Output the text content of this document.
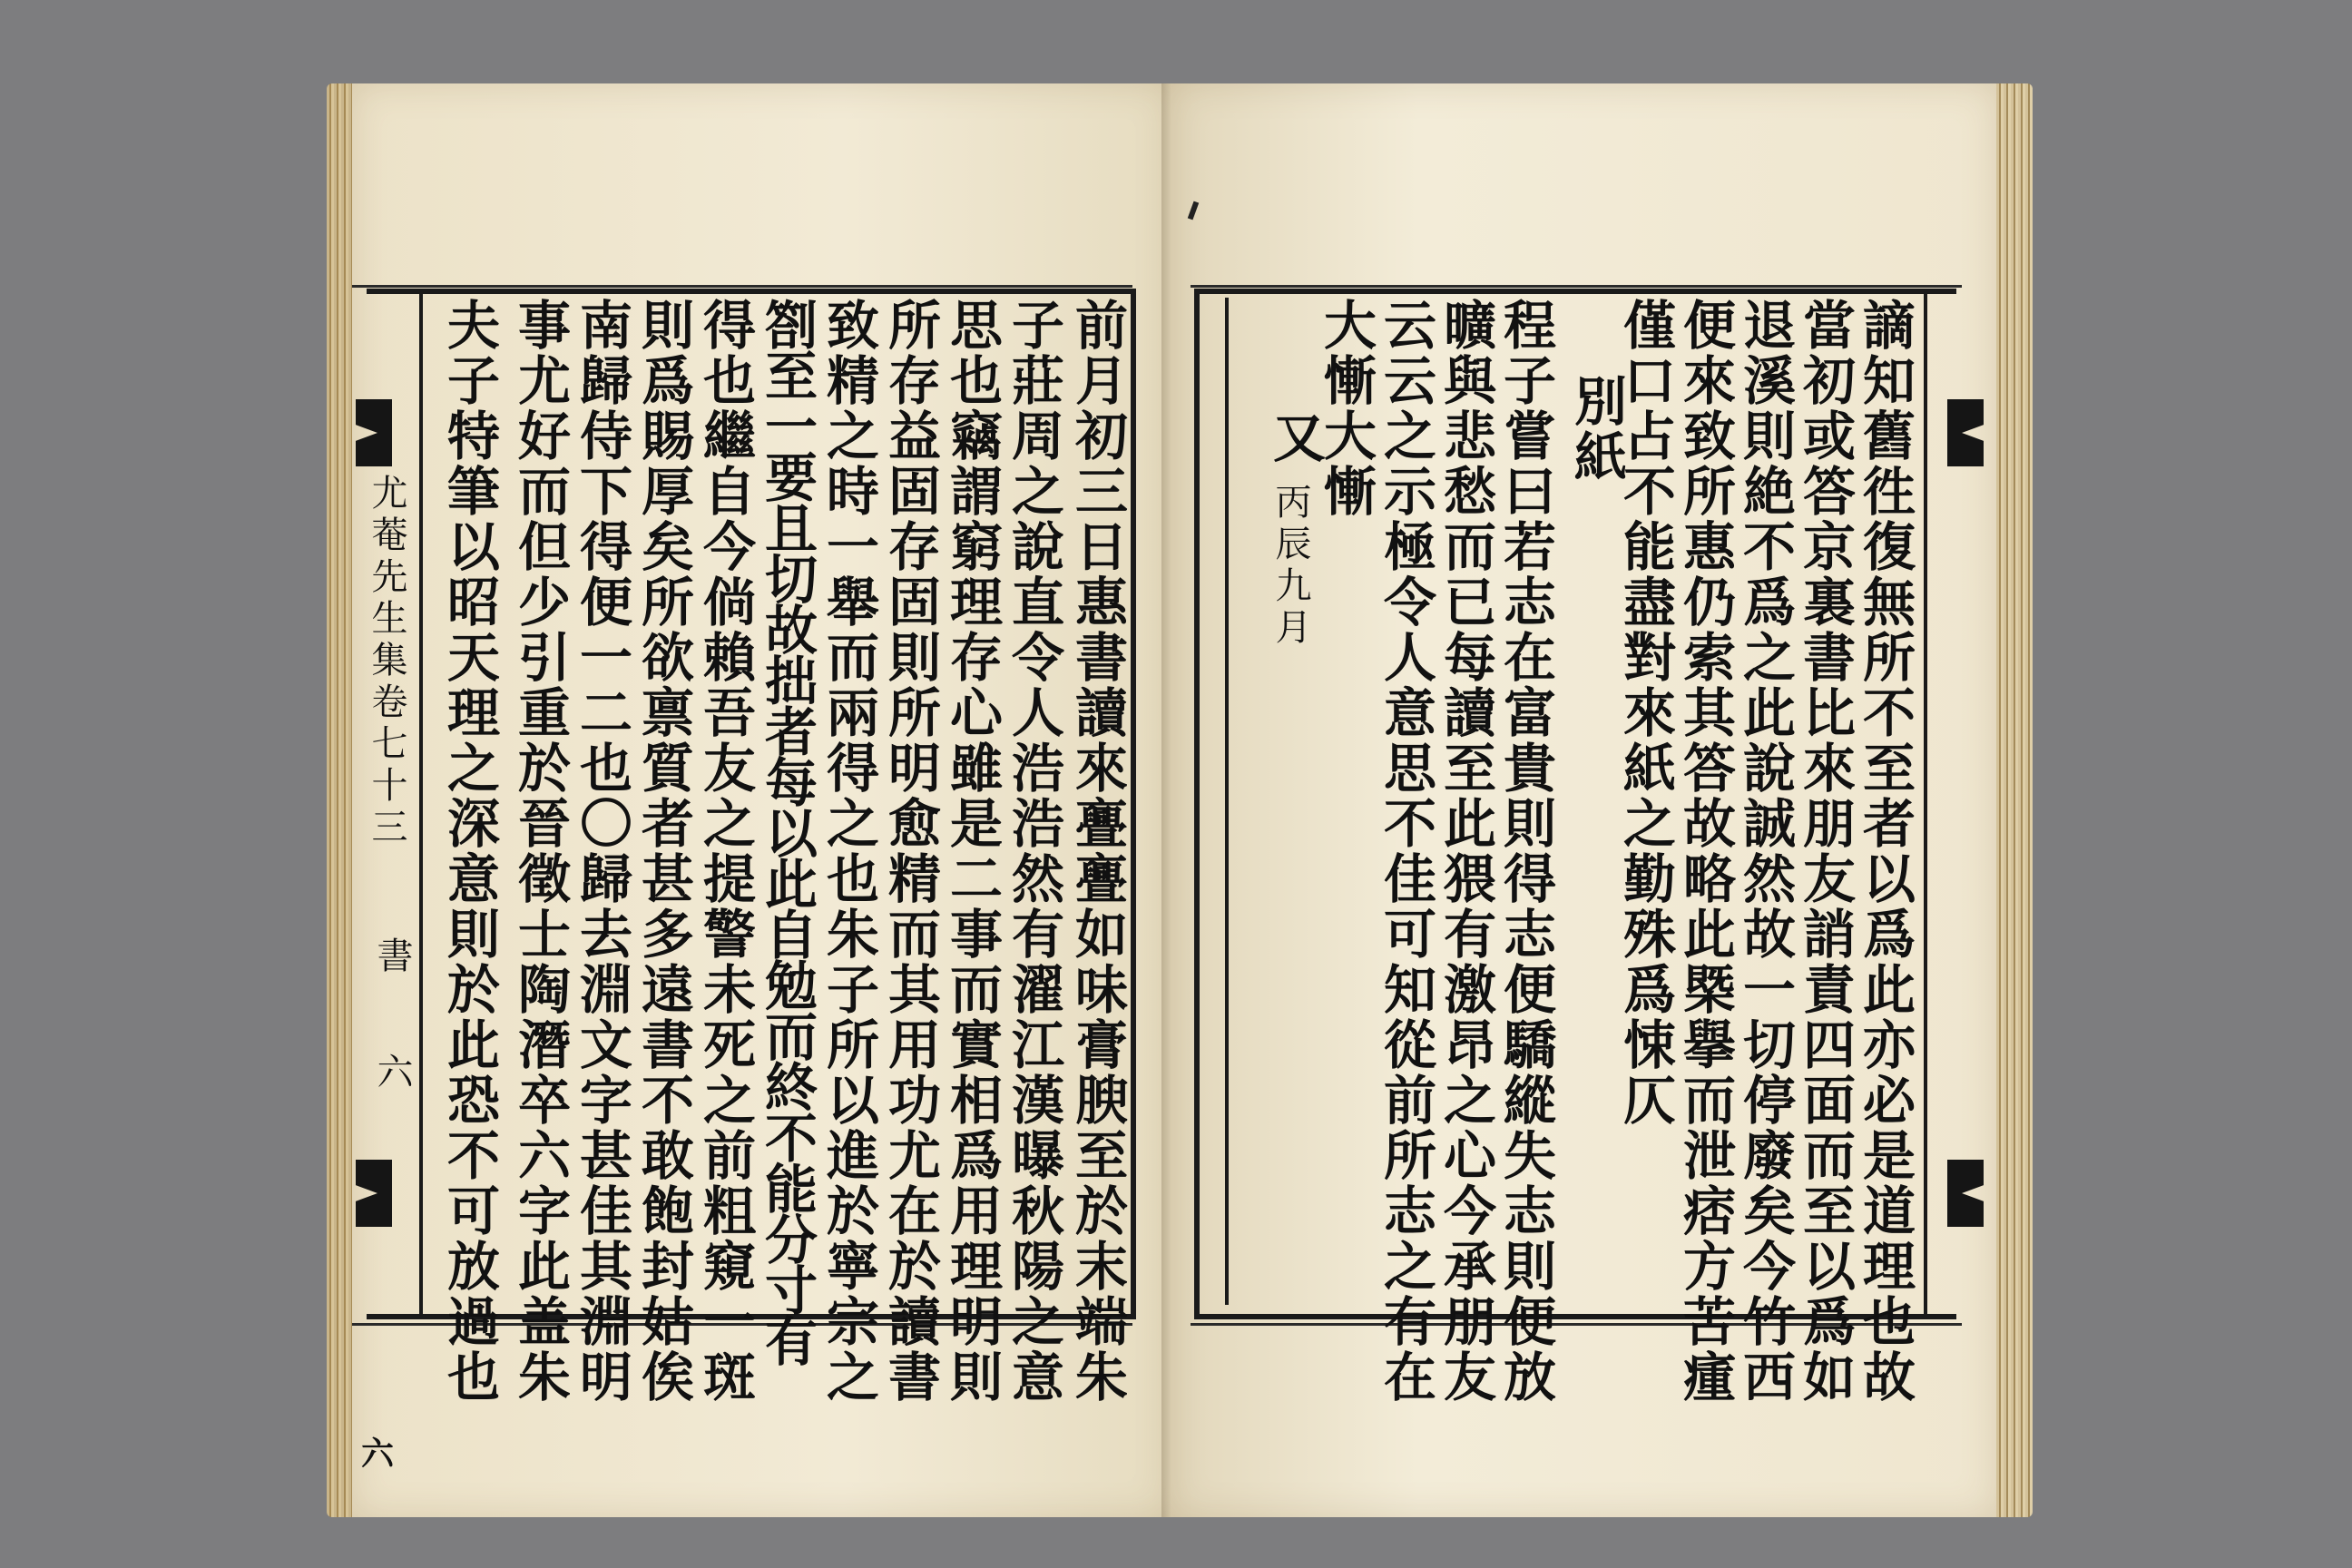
尤菴先生集卷七十三
書
六
六
前月初三日惠書讀來亹亹如味膏腴至於末端朱
子莊周之說直令人浩浩然有濯江漢曝秋陽之意
思也竊謂窮理存心雖是二事而實相爲用理明則
所存益固存固則所明愈精而其用功尤在於讀書
致精之時一舉而兩得之也朱子所以進於寧宗之
劄至一要且切故拙者每以此自勉而終不能分寸有
得也繼自今倘賴吾友之提警未死之前粗窺一斑
則爲賜厚矣所欲禀質者甚多遠書不敢飽封姑俟
南歸侍下得便一二也〇歸去淵文字甚佳其淵明
事尤好而但少引重於晉徵士陶潛卒六字此盖朱
夫子特筆以昭天理之深意則於此恐不可放過也	謫知舊徃復無所不至者以爲此亦必是道理也故
當初或答京裏書比來朋友誚責四面而至以爲如
退溪則絶不爲之此說誠然故一切停廢矣今竹西
便來致所惠仍索其答故略此槩擧而泄痞方苦瘇
僅口占不能盡對來紙之勤殊爲悚仄
別紙
程子嘗曰若志在富貴則得志便驕縱失志則便放
曠與悲愁而已每讀至此猥有激昂之心今承朋友
云云之示極令人意思不佳可知從前所志之有在
大慚大慚
又
丙辰九月
